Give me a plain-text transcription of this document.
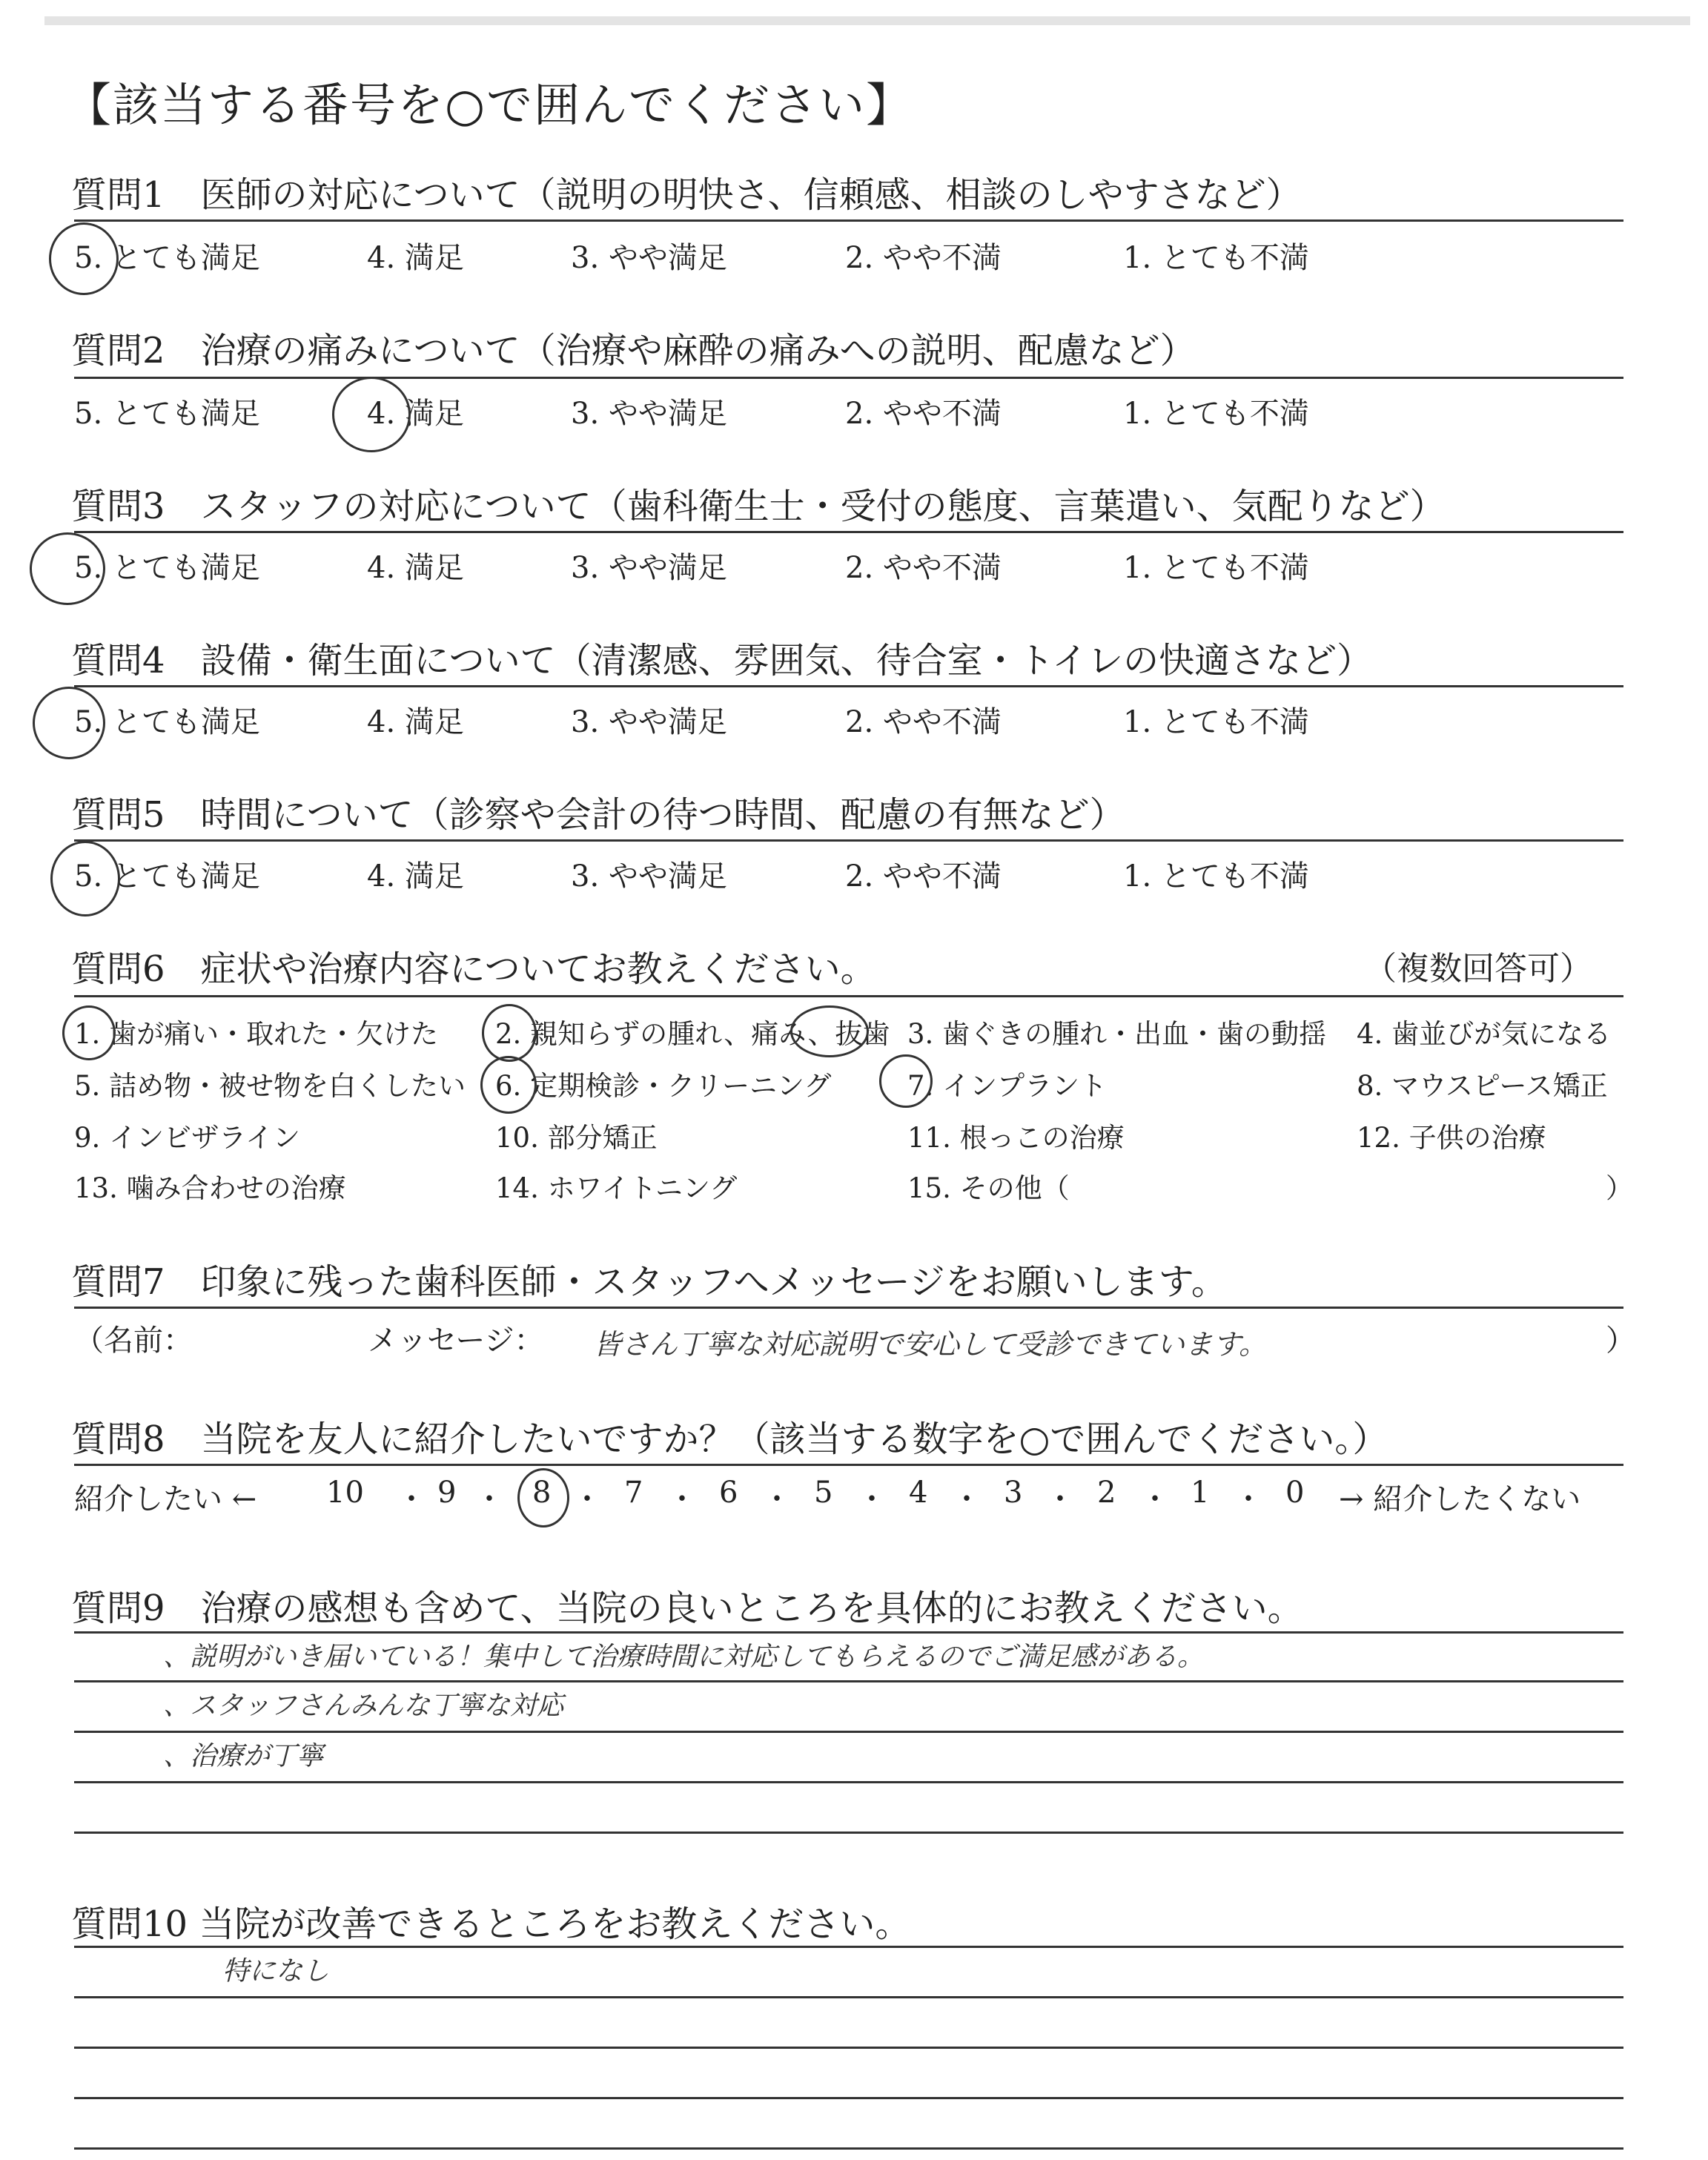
【該当する番号を○で囲んでください】
質問1　医師の対応について（説明の明快さ、信頼感、相談のしやすさなど）
5. とても満足	4. 満足	3. やや満足	2. やや不満	1. とても不満
質問2　治療の痛みについて（治療や麻酔の痛みへの説明、配慮など）
5. とても満足	4. 満足	3. やや満足	2. やや不満	1. とても不満
質問3　スタッフの対応について（歯科衛生士・受付の態度、言葉遣い、気配りなど）
5. とても満足	4. 満足	3. やや満足	2. やや不満	1. とても不満
質問4　設備・衛生面について（清潔感、雰囲気、待合室・トイレの快適さなど）
5. とても満足	4. 満足	3. やや満足	2. やや不満	1. とても不満
質問5　時間について（診察や会計の待つ時間、配慮の有無など）
5. とても満足	4. 満足	3. やや満足	2. やや不満	1. とても不満
質問6　症状や治療内容についてお教えください。	（複数回答可）
1. 歯が痛い・取れた・欠けた 2. 親知らずの腫れ、痛み、抜歯 3. 歯ぐきの腫れ・出血・歯の動揺 4. 歯並びが気になる
5. 詰め物・被せ物を白くしたい 6. 定期検診・クリーニング	7. インプラント	8. マウスピース矯正
9. インビザライン	10. 部分矯正	11. 根っこの治療	12. 子供の治療
13. 噛み合わせの治療	14. ホワイトニング	15. その他（	）
質問7　印象に残った歯科医師・スタッフへメッセージをお願いします。
（名前：	メッセージ： 皆さん丁寧な対応説明で安心して受診できています。	）
質問8　当院を友人に紹介したいですか？（該当する数字を○で囲んでください。）
紹介したい ← 10 ・ 9 ・ 8 ・ 7 ・ 6 ・ 5 ・ 4 ・ 3 ・ 2 ・ 1 ・ 0 → 紹介したくない
質問9　治療の感想も含めて、当院の良いところを具体的にお教えください。
、説明がいき届いている！集中して治療時間に対応してもらえるのでご満足感がある。
、スタッフさんみんな丁寧な対応
、治療が丁寧
質問10 当院が改善できるところをお教えください。
特になし
